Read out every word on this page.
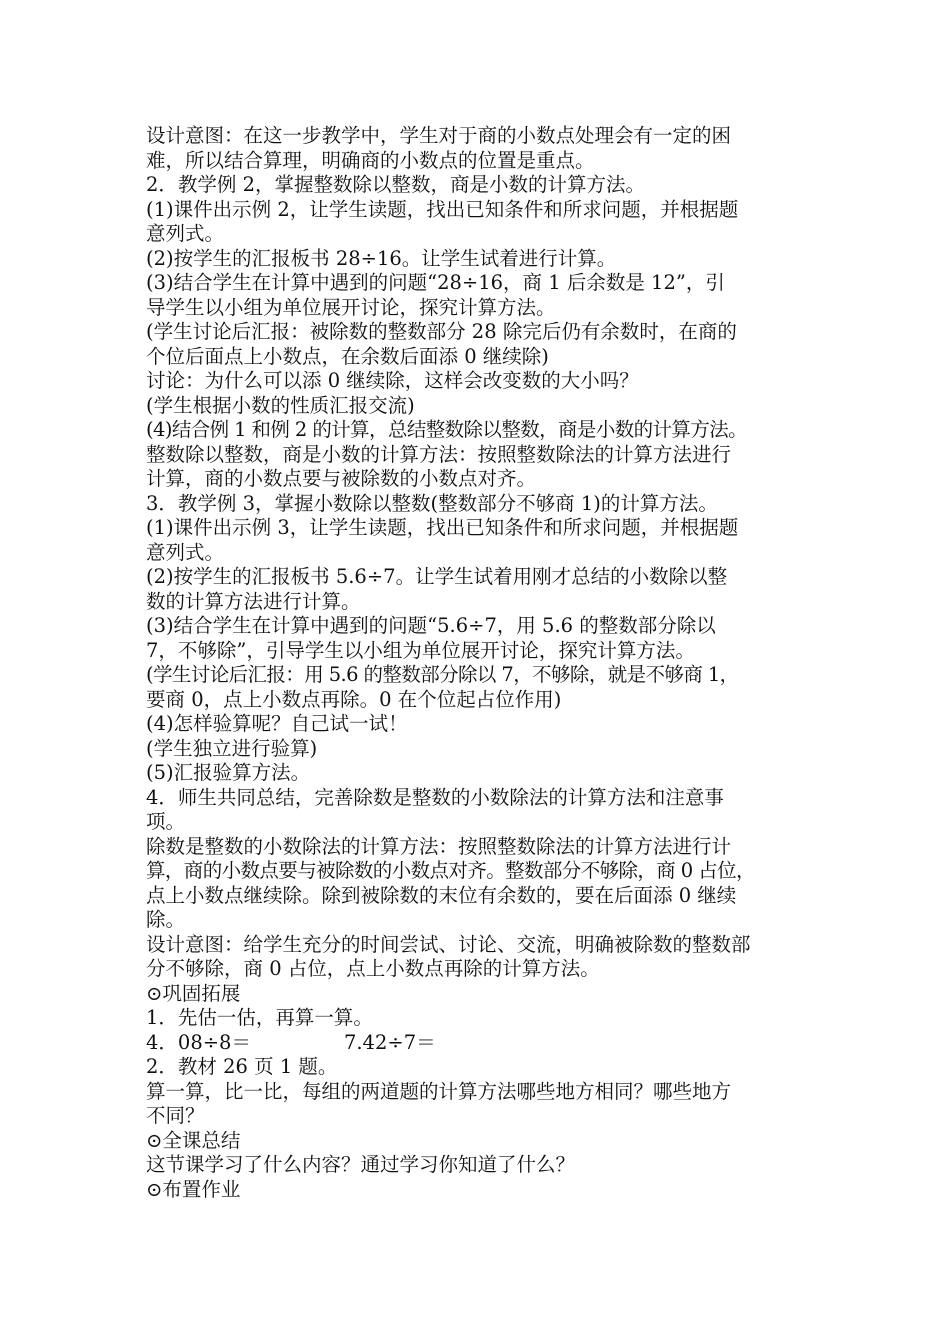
设计意图：在这一步教学中，学生对于商的小数点处理会有一定的困
难，所以结合算理，明确商的小数点的位置是重点。
2．教学例 2，掌握整数除以整数，商是小数的计算方法。
(1)课件出示例 2，让学生读题，找出已知条件和所求问题，并根据题
意列式。
(2)按学生的汇报板书 28÷16。让学生试着进行计算。
(3)结合学生在计算中遇到的问题“28÷16，商 1 后余数是 12”，引
导学生以小组为单位展开讨论，探究计算方法。
(学生讨论后汇报：被除数的整数部分 28 除完后仍有余数时，在商的
个位后面点上小数点，在余数后面添 0 继续除)
讨论：为什么可以添 0 继续除，这样会改变数的大小吗？
(学生根据小数的性质汇报交流)
(4)结合例 1 和例 2 的计算，总结整数除以整数，商是小数的计算方法。
整数除以整数，商是小数的计算方法：按照整数除法的计算方法进行
计算，商的小数点要与被除数的小数点对齐。
3．教学例 3，掌握小数除以整数(整数部分不够商 1)的计算方法。
(1)课件出示例 3，让学生读题，找出已知条件和所求问题，并根据题
意列式。
(2)按学生的汇报板书 5.6÷7。让学生试着用刚才总结的小数除以整
数的计算方法进行计算。
(3)结合学生在计算中遇到的问题“5.6÷7，用 5.6 的整数部分除以
7，不够除”，引导学生以小组为单位展开讨论，探究计算方法。
(学生讨论后汇报：用 5.6 的整数部分除以 7，不够除，就是不够商 1，
要商 0，点上小数点再除。0 在个位起占位作用)
(4)怎样验算呢？自己试一试！
(学生独立进行验算)
(5)汇报验算方法。
4．师生共同总结，完善除数是整数的小数除法的计算方法和注意事
项。
除数是整数的小数除法的计算方法：按照整数除法的计算方法进行计
算，商的小数点要与被除数的小数点对齐。整数部分不够除，商 0 占位，
点上小数点继续除。除到被除数的末位有余数的，要在后面添 0 继续
除。
设计意图：给学生充分的时间尝试、讨论、交流，明确被除数的整数部
分不够除，商 0 占位，点上小数点再除的计算方法。
⊙巩固拓展
1．先估一估，再算一算。
4．08÷8＝               7.42÷7＝
2．教材 26 页 1 题。
算一算，比一比，每组的两道题的计算方法哪些地方相同？哪些地方
不同？
⊙全课总结
这节课学习了什么内容？通过学习你知道了什么？
⊙布置作业
